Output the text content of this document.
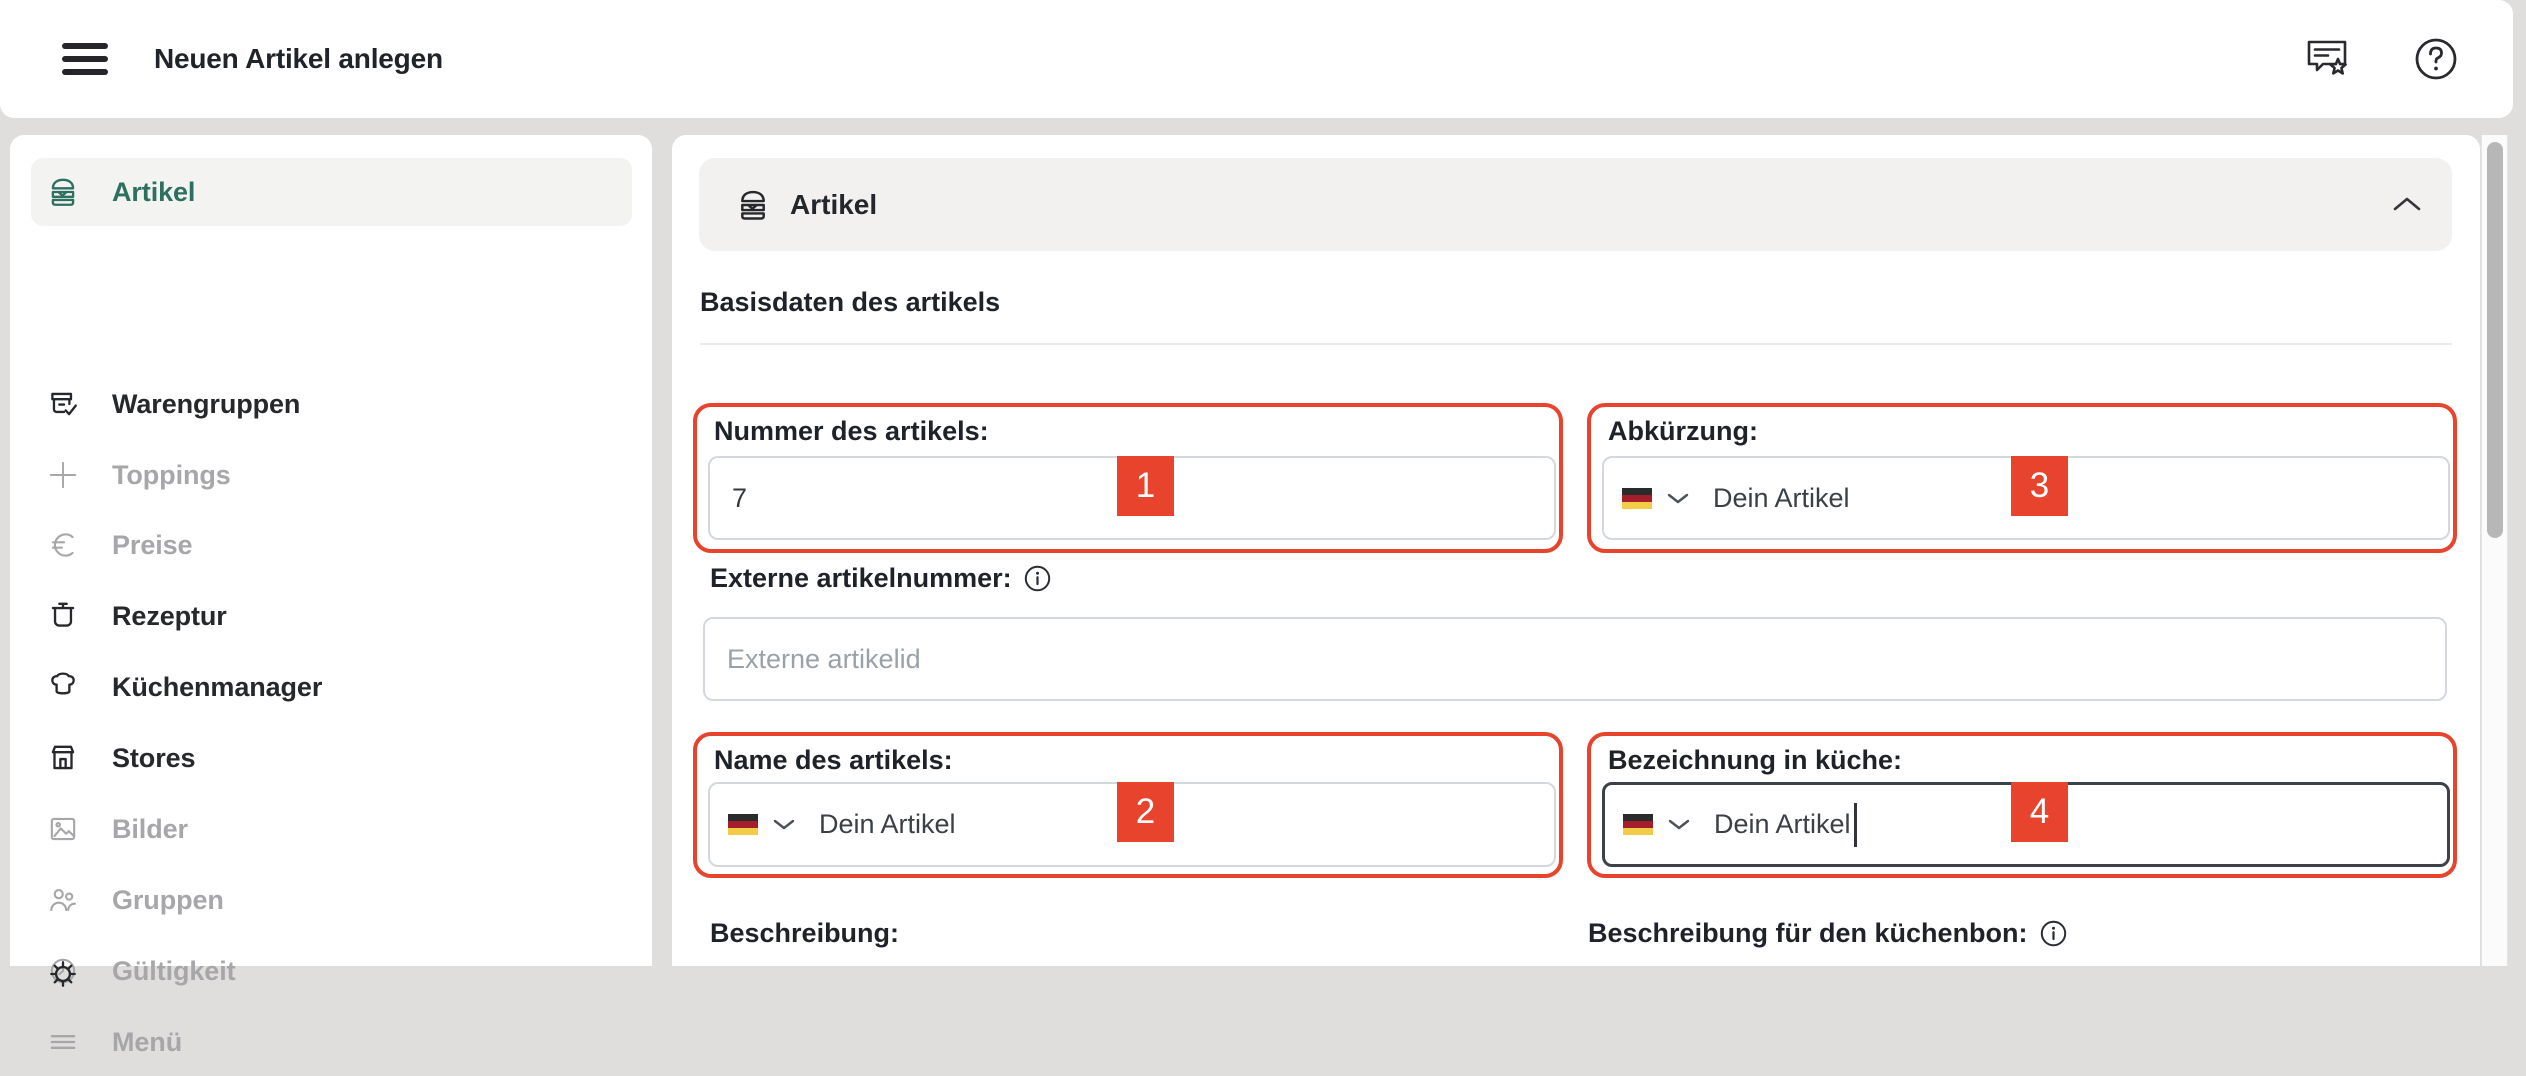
Neuen Artikel anlegen
Artikel
Warengruppen
Toppings
Preise
Rezeptur
Küchenmanager
Stores
Bilder
Gruppen
Gültigkeit
Menü
Artikel
Basisdaten des artikels
Nummer des artikels:
7
1
Abkürzung:
Dein Artikel	3
Externe artikelnummer:
Externe artikelid
Name des artikels:
Dein Artikel	2
Bezeichnung in küche:
Dein Artikel	4
Beschreibung:	Beschreibung für den küchenbon:
